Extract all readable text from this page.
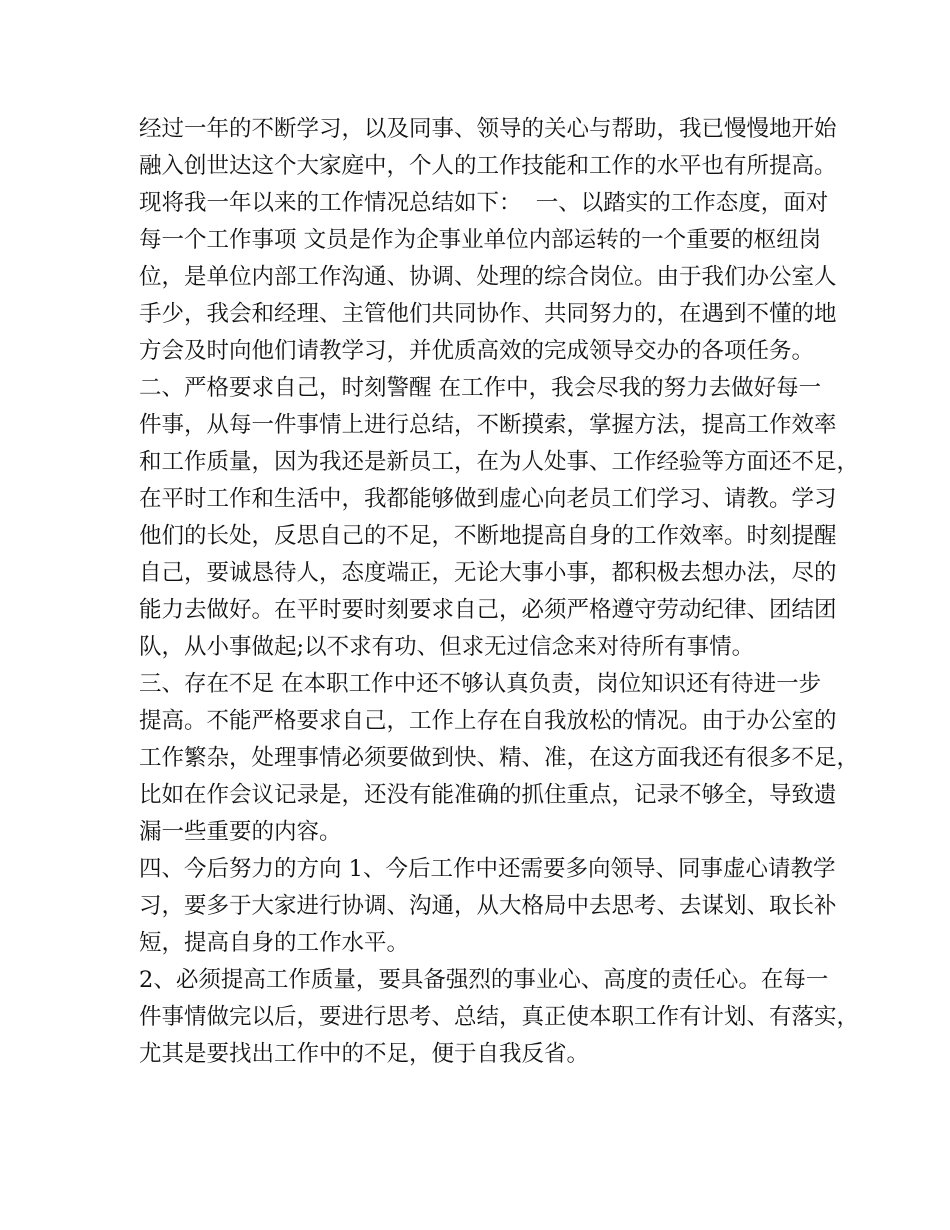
经过一年的不断学习，以及同事、领导的关心与帮助，我已慢慢地开始
融入创世达这个大家庭中，个人的工作技能和工作的水平也有所提高。
现将我一年以来的工作情况总结如下：  一、以踏实的工作态度，面对
每一个工作事项 文员是作为企事业单位内部运转的一个重要的枢纽岗
位，是单位内部工作沟通、协调、处理的综合岗位。由于我们办公室人
手少，我会和经理、主管他们共同协作、共同努力的，在遇到不懂的地
方会及时向他们请教学习，并优质高效的完成领导交办的各项任务。
二、严格要求自己，时刻警醒 在工作中，我会尽我的努力去做好每一
件事，从每一件事情上进行总结，不断摸索，掌握方法，提高工作效率
和工作质量，因为我还是新员工，在为人处事、工作经验等方面还不足，
在平时工作和生活中，我都能够做到虚心向老员工们学习、请教。学习
他们的长处，反思自己的不足，不断地提高自身的工作效率。时刻提醒
自己，要诚恳待人，态度端正，无论大事小事，都积极去想办法，尽的
能力去做好。在平时要时刻要求自己，必须严格遵守劳动纪律、团结团
队，从小事做起;以不求有功、但求无过信念来对待所有事情。
三、存在不足 在本职工作中还不够认真负责，岗位知识还有待进一步
提高。不能严格要求自己，工作上存在自我放松的情况。由于办公室的
工作繁杂，处理事情必须要做到快、精、准，在这方面我还有很多不足，
比如在作会议记录是，还没有能准确的抓住重点，记录不够全，导致遗
漏一些重要的内容。
四、今后努力的方向 1、今后工作中还需要多向领导、同事虚心请教学
习，要多于大家进行协调、沟通，从大格局中去思考、去谋划、取长补
短，提高自身的工作水平。
2、必须提高工作质量，要具备强烈的事业心、高度的责任心。在每一
件事情做完以后，要进行思考、总结，真正使本职工作有计划、有落实，
尤其是要找出工作中的不足，便于自我反省。
